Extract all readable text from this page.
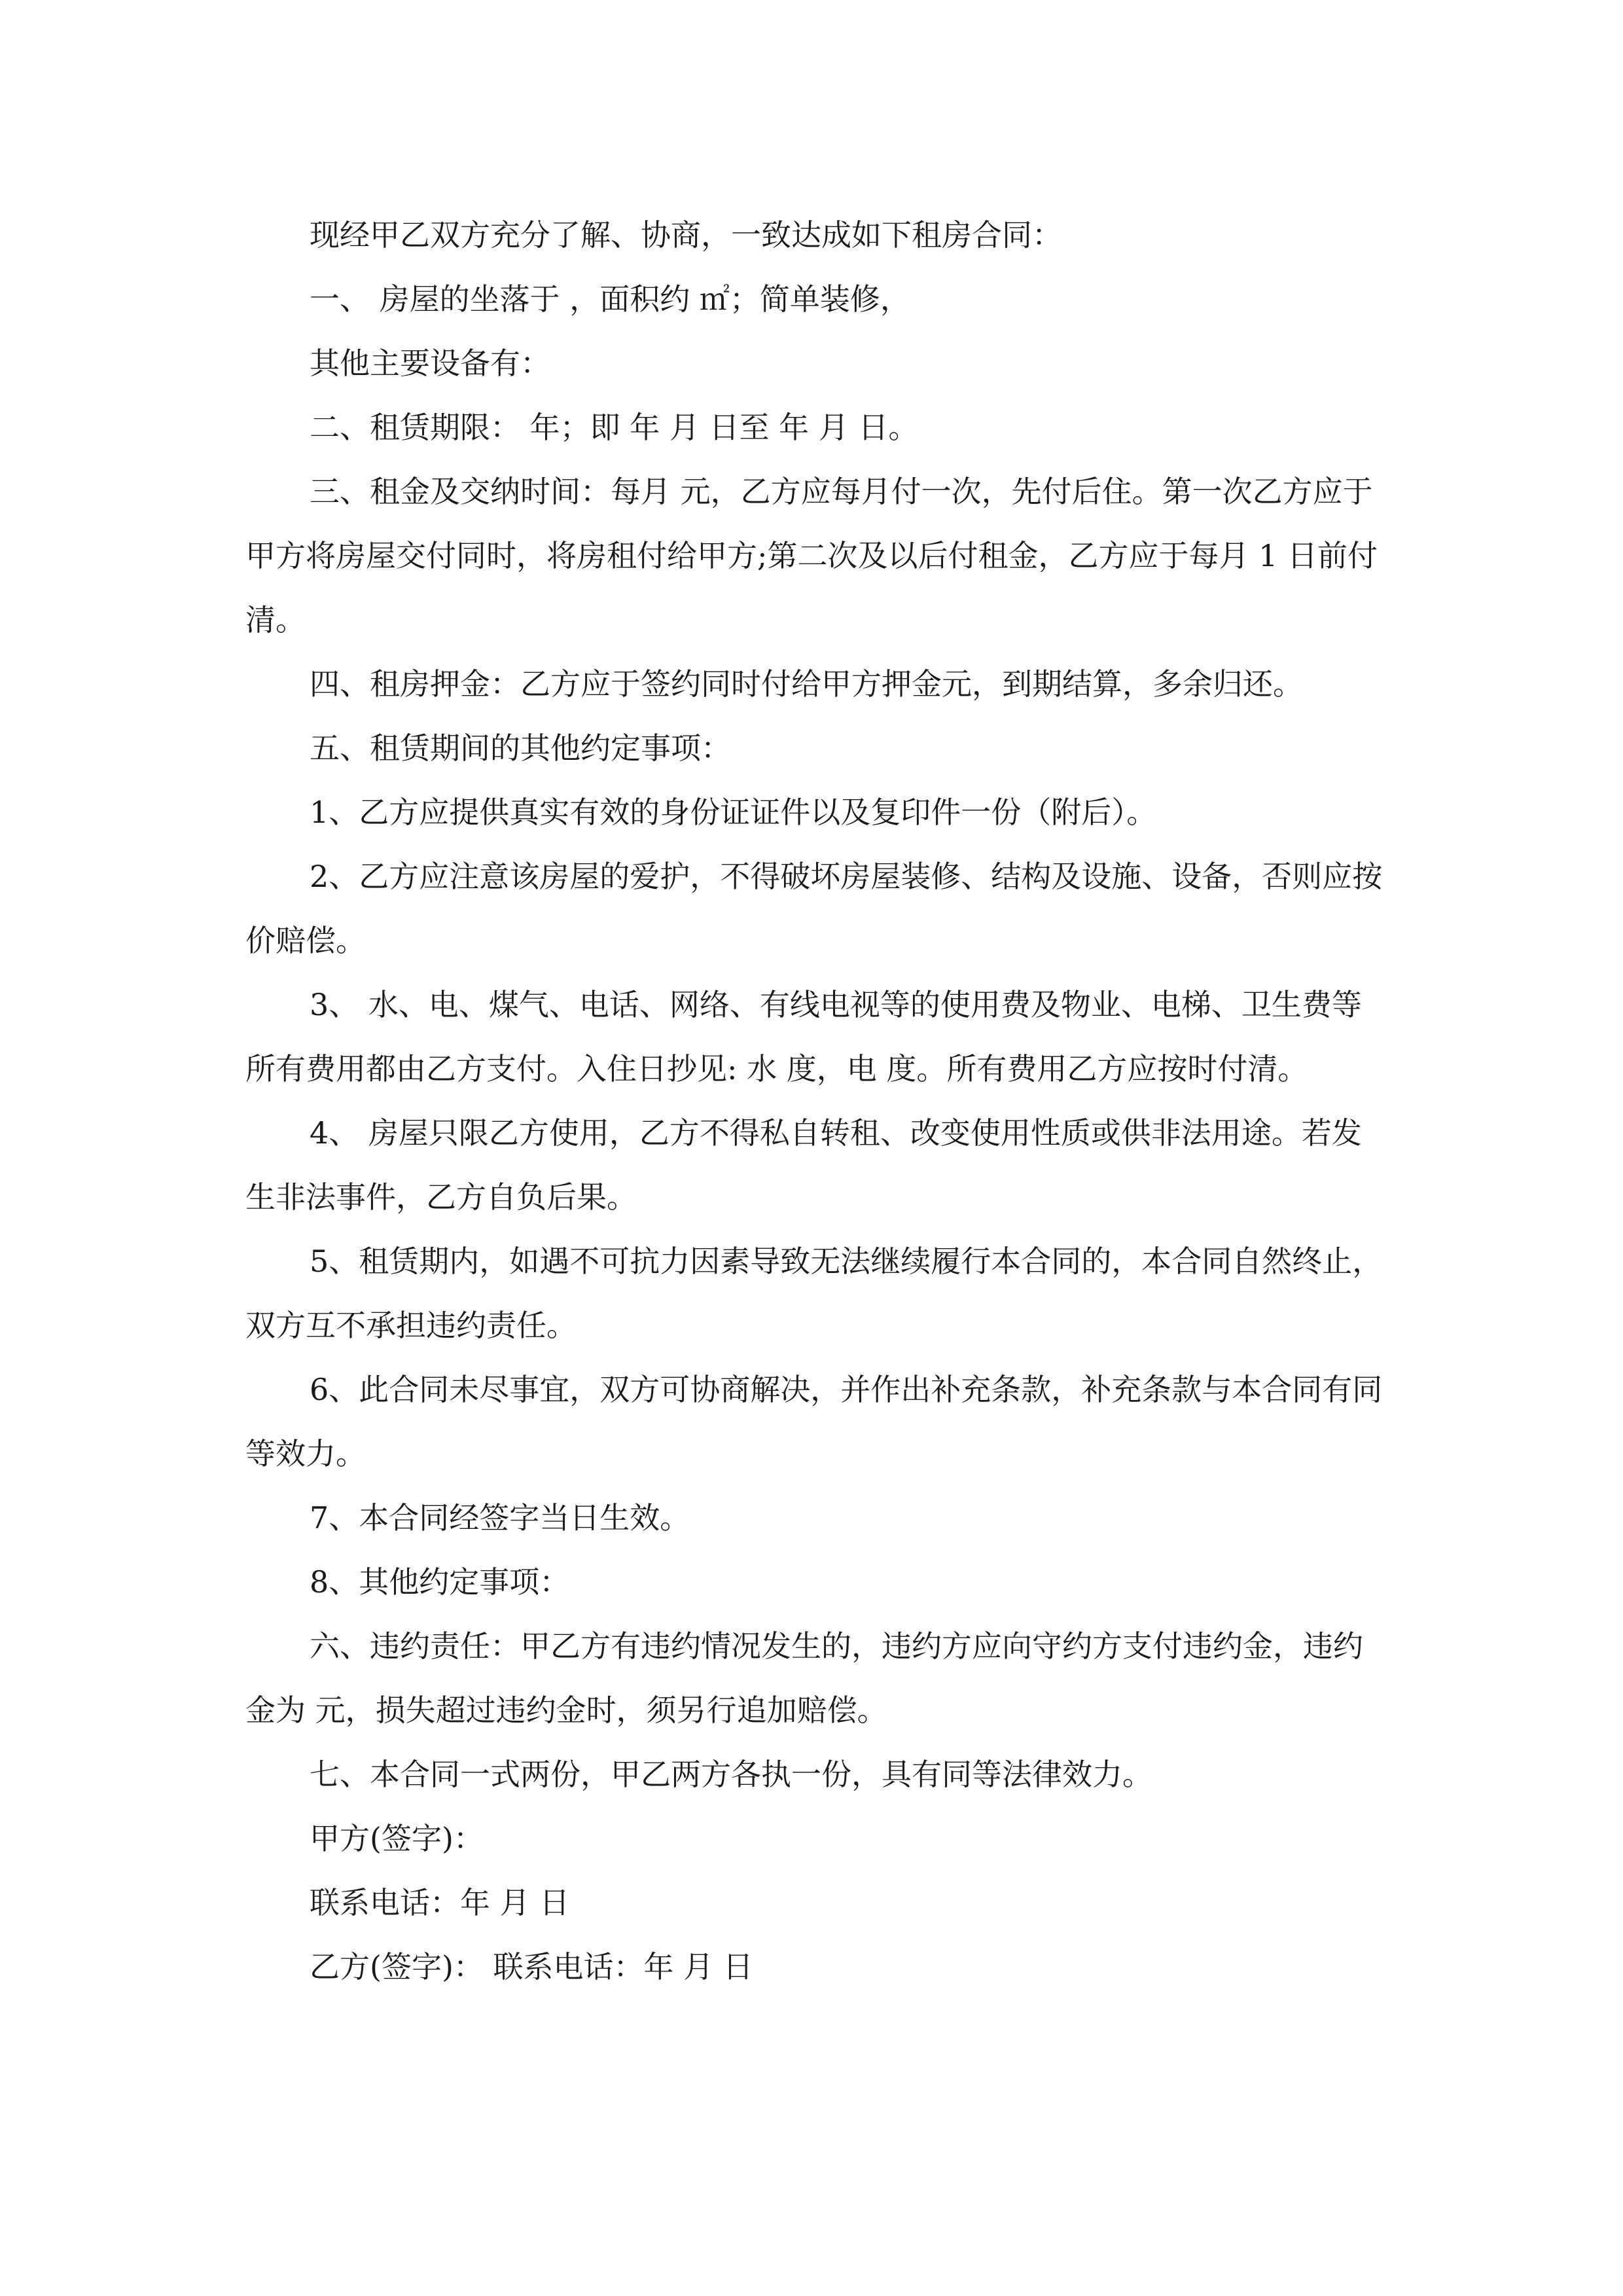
现经甲乙双方充分了解、协商，一致达成如下租房合同：

一、 房屋的坐落于 ，面积约 ㎡；简单装修，

其他主要设备有：

二、租赁期限： 年；即 年 月 日至 年 月 日。

三、租金及交纳时间：每月 元，乙方应每月付一次，先付后住。第一次乙方应于甲方将房屋交付同时，将房租付给甲方;第二次及以后付租金，乙方应于每月 1 日前付清。

四、租房押金：乙方应于签约同时付给甲方押金元，到期结算，多余归还。

五、租赁期间的其他约定事项：

1、乙方应提供真实有效的身份证证件以及复印件一份（附后）。

2、乙方应注意该房屋的爱护，不得破坏房屋装修、结构及设施、设备，否则应按价赔偿。

3、 水、电、煤气、电话、网络、有线电视等的使用费及物业、电梯、卫生费等所有费用都由乙方支付。入住日抄见: 水 度，电 度。所有费用乙方应按时付清。

4、 房屋只限乙方使用，乙方不得私自转租、改变使用性质或供非法用途。若发生非法事件，乙方自负后果。

5、租赁期内，如遇不可抗力因素导致无法继续履行本合同的，本合同自然终止，双方互不承担违约责任。

6、此合同未尽事宜，双方可协商解决，并作出补充条款，补充条款与本合同有同等效力。

7、本合同经签字当日生效。

8、其他约定事项：

六、违约责任：甲乙方有违约情况发生的，违约方应向守约方支付违约金，违约金为 元，损失超过违约金时，须另行追加赔偿。

七、本合同一式两份，甲乙两方各执一份，具有同等法律效力。

甲方(签字)：

联系电话：年 月 日

乙方(签字)： 联系电话：年 月 日
